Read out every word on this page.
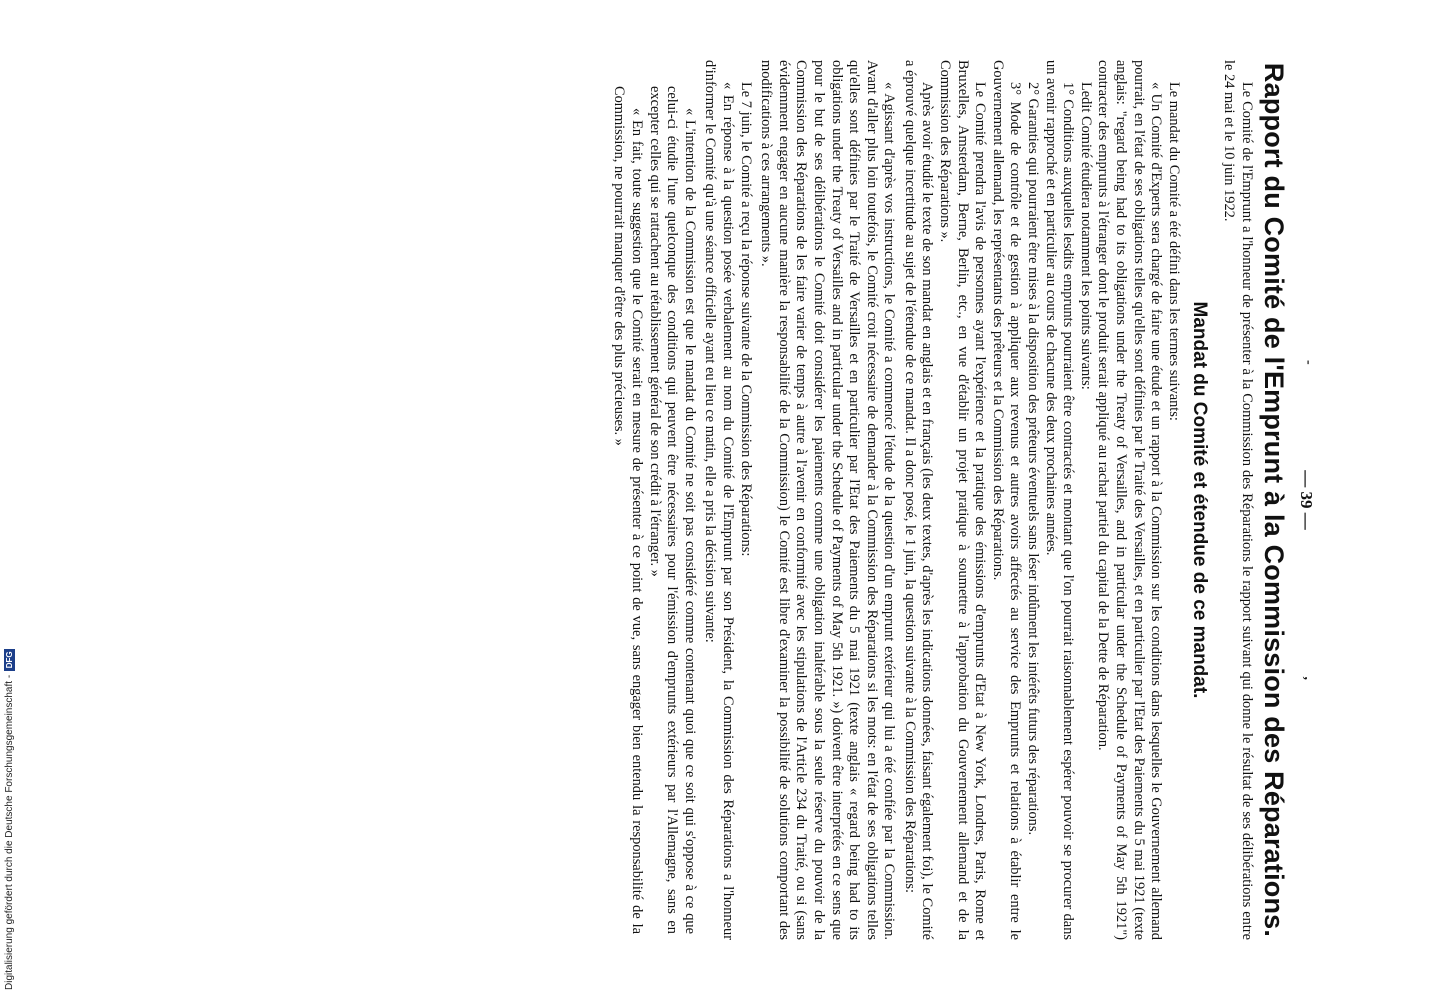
-
— 39 —
,
Rapport du Comité de l'Emprunt à la Commission des Réparations.

Le Comité de l'Emprunt a l'honneur de présenter à la Commission des Réparations le rapport suivant qui donne le résultat de ses délibérations entre le 24 mai et le 10 juin 1922.

Mandat du Comité et étendue de ce mandat.

Le mandat du Comité a été défini dans les termes suivants:

« Un Comité d'Experts sera chargé de faire une étude et un rapport à la Commission sur les conditions dans lesquelles le Gouvernement allemand pourrait, en l'état de ses obligations telles qu'elles sont définies par le Traité des Versailles, et en particulier par l'Etat des Paiements du 5 mai 1921 (texte anglais: "regard being had to its obligations under the Treaty of Versailles, and in particular under the Schedule of Payments of May 5th 1921") contracter des emprunts à l'étranger dont le produit serait appliqué au rachat partiel du capital de la Dette de Réparation.

Ledit Comité étudiera notamment les points suivants:

1° Conditions auxquelles lesdits emprunts pourraient être contractés et montant que l'on pourrait raisonnablement espérer pouvoir se procurer dans un avenir rapproché et en particulier au cours de chacune des deux prochaines années.

2° Garanties qui pourraient être mises à la disposition des prêteurs éventuels sans léser indûment les intérêts futurs des réparations.

3° Mode de contrôle et de gestion à appliquer aux revenus et autres avoirs affectés au service des Emprunts et relations à établir entre le Gouvernement allemand, les représentants des prêteurs et la Commission des Réparations.

Le Comité prendra l'avis de personnes ayant l'expérience et la pratique des émissions d'emprunts d'Etat à New York, Londres, Paris, Rome et Bruxelles, Amsterdam, Berne, Berlin, etc., en vue d'établir un projet pratique à soumettre à l'approbation du Gouvernement allemand et de la Commission des Réparations ».

Après avoir étudié le texte de son mandat en anglais et en français (les deux textes, d'après les indications données, faisant également foi), le Comité a éprouvé quelque incertitude au sujet de l'étendue de ce mandat. Il a donc posé, le 1 juin, la question suivante à la Commission des Réparations:

« Agissant d'après vos instructions, le Comité a commencé l'étude de la question d'un emprunt extérieur qui lui a été confiée par la Commission. Avant d'aller plus loin toutefois, le Comité croit nécessaire de demander à la Commission des Réparations si les mots: en l'état de ses obligations telles qu'elles sont définies par le Traité de Versailles et en particulier par l'Etat des Paiements du 5 mai 1921 (texte anglais « regard being had to its obligations under the Treaty of Versailles and in particular under the Schedule of Payments of May 5th 1921. ») doivent être interprétés en ce sens que pour le but de ses délibérations le Comité doit considérer les paiements comme une obligation inaltérable sous la seule réserve du pouvoir de la Commission des Réparations de les faire varier de temps à autre à l'avenir en conformité avec les stipulations de l'Article 234 du Traité, ou si (sans évidemment engager en aucune manière la responsabilité de la Commission) le Comité est libre d'examiner la possibilité de solutions comportant des modifications à ces arrangements ».

Le 7 juin, le Comité a reçu la réponse suivante de la Commission des Réparations:

« En réponse à la question posée verbalement au nom du Comité de l'Emprunt par son Président, la Commission des Réparations a l'honneur d'informer le Comité qu'à une séance officielle ayant eu lieu ce matin, elle a pris la décision suivante:

« L'intention de la Commission est que le mandat du Comité ne soit pas considéré comme contenant quoi que ce soit qui s'oppose à ce que celui-ci étudie l'une quelconque des conditions qui peuvent être nécessaires pour l'émission d'emprunts extérieurs par l'Allemagne, sans en excepter celles qui se rattachent au rétablissement général de son crédit à l'étranger. »

« En fait, toute suggestion que le Comité serait en mesure de présenter à ce point de vue, sans engager bien entendu la responsabilité de la Commission, ne pourrait manquer d'être des plus précieuses. »

Digitalisierung gefördert durch die Deutsche Forschungsgemeinschaft -
DFG
